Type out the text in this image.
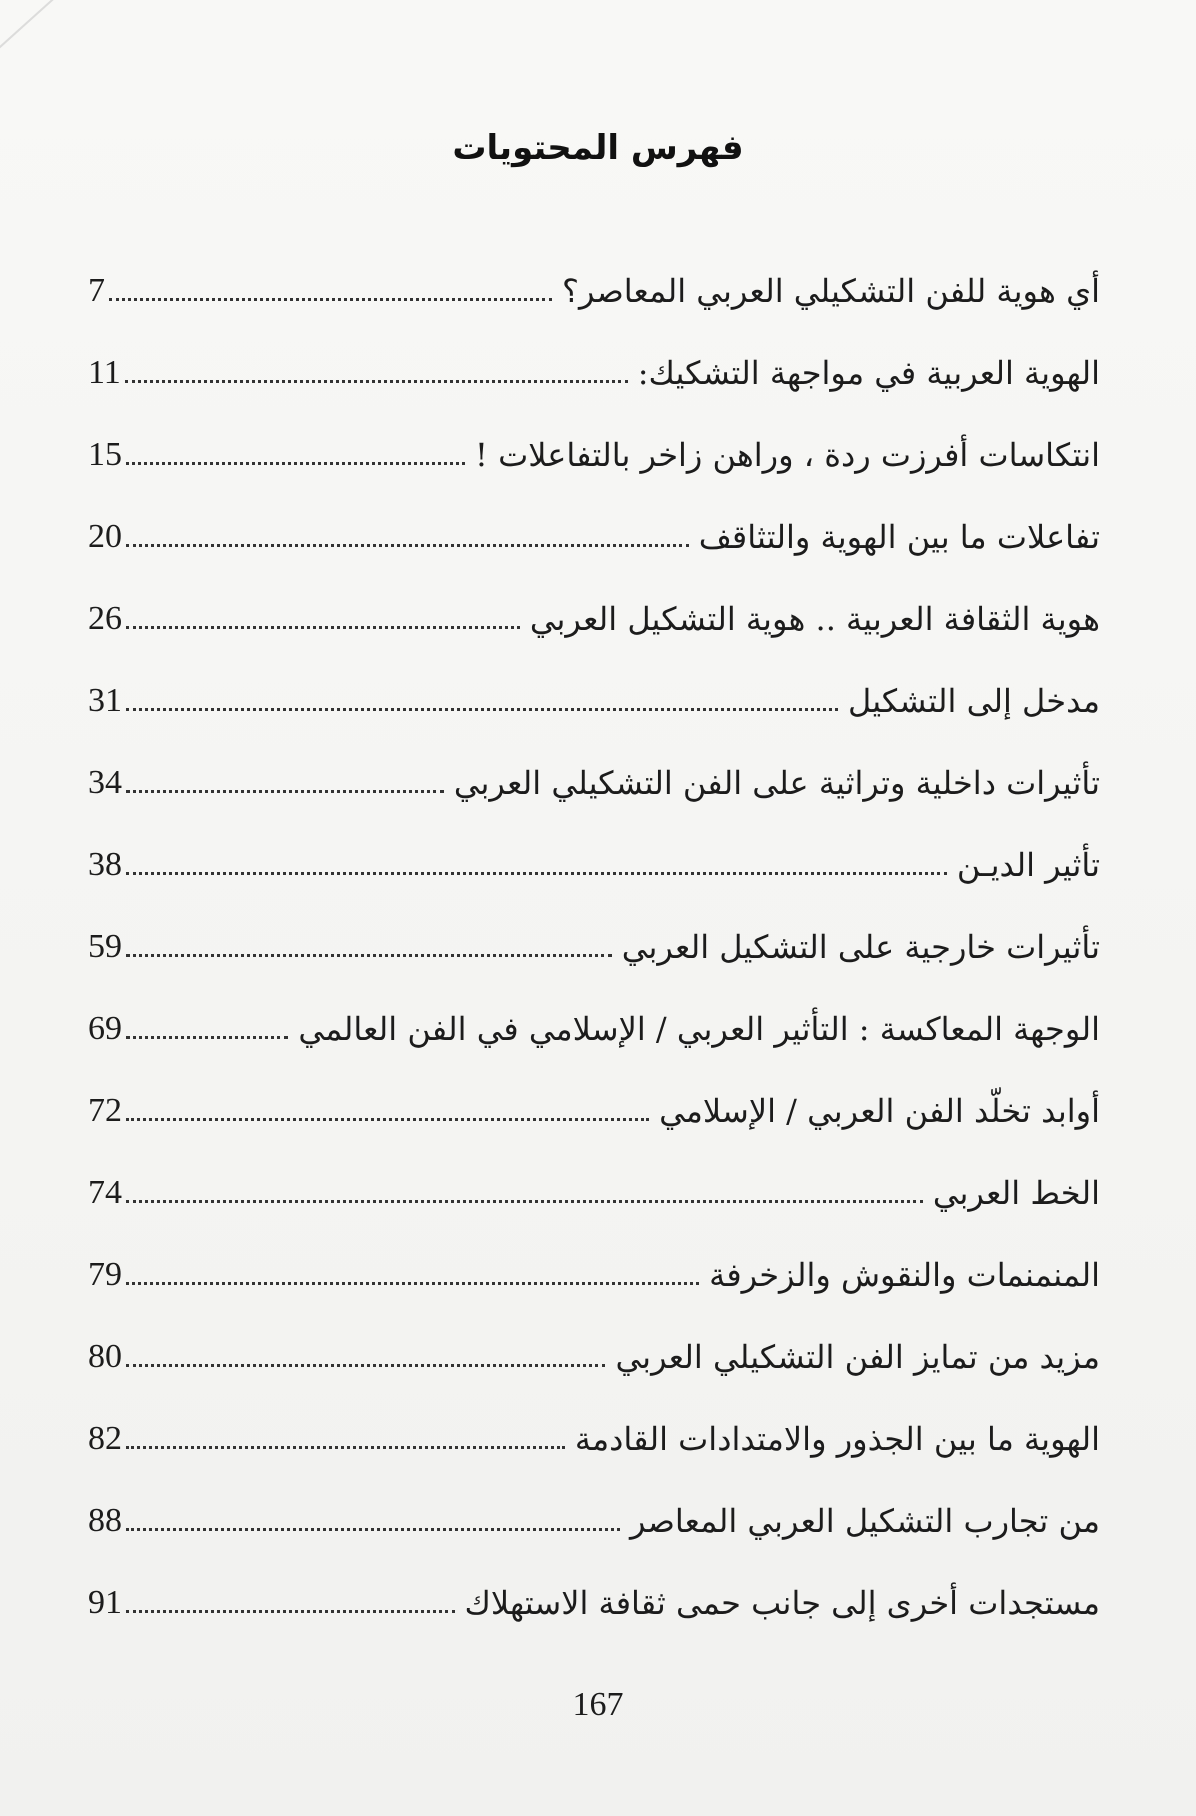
فهرس المحتويات
أي هوية للفن التشكيلي العربي المعاصر؟
7
الهوية العربية في مواجهة التشكيك:
11
انتكاسات أفرزت ردة ، وراهن زاخر بالتفاعلات !
15
تفاعلات ما بين الهوية والتثاقف
20
هوية الثقافة العربية .. هوية التشكيل العربي
26
مدخل إلى التشكيل
31
تأثيرات داخلية وتراثية على الفن التشكيلي العربي
34
تأثير الديـن
38
تأثيرات خارجية على التشكيل العربي
59
الوجهة المعاكسة : التأثير العربي / الإسلامي في الفن العالمي
69
أوابد تخلّد الفن العربي / الإسلامي
72
الخط العربي
74
المنمنمات والنقوش والزخرفة
79
مزيد من تمايز الفن التشكيلي العربي
80
الهوية ما بين الجذور والامتدادات القادمة
82
من تجارب التشكيل العربي المعاصر
88
مستجدات أخرى إلى جانب حمى ثقافة الاستهلاك
91
167
